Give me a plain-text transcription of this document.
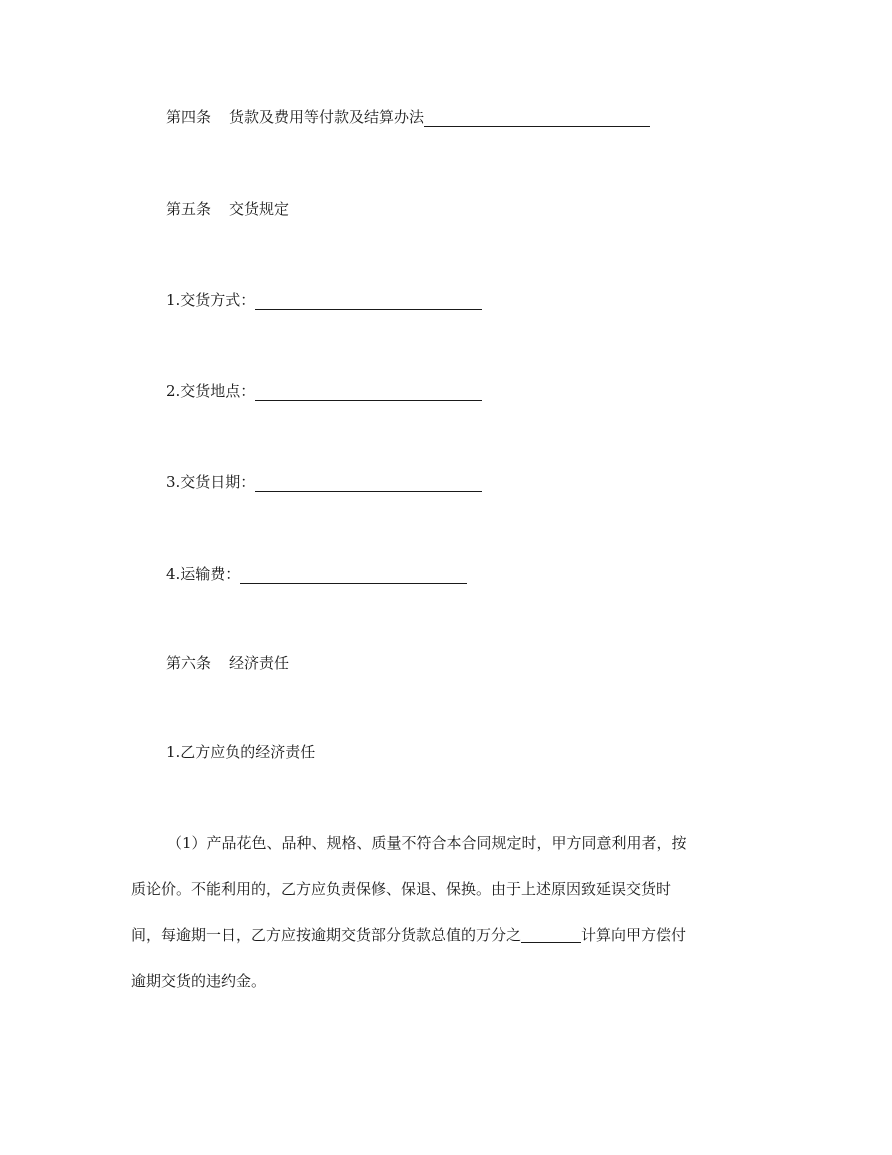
第四条 货款及费用等付款及结算办法
第五条 交货规定
1.交货方式：
2.交货地点：
3.交货日期：
4.运输费：
第六条 经济责任
1.乙方应负的经济责任
（1）产品花色、品种、规格、质量不符合本合同规定时，甲方同意利用者，按
质论价。不能利用的，乙方应负责保修、保退、保换。由于上述原因致延误交货时
间，每逾期一日，乙方应按逾期交货部分货款总值的万分之	计算向甲方偿付
逾期交货的违约金。
